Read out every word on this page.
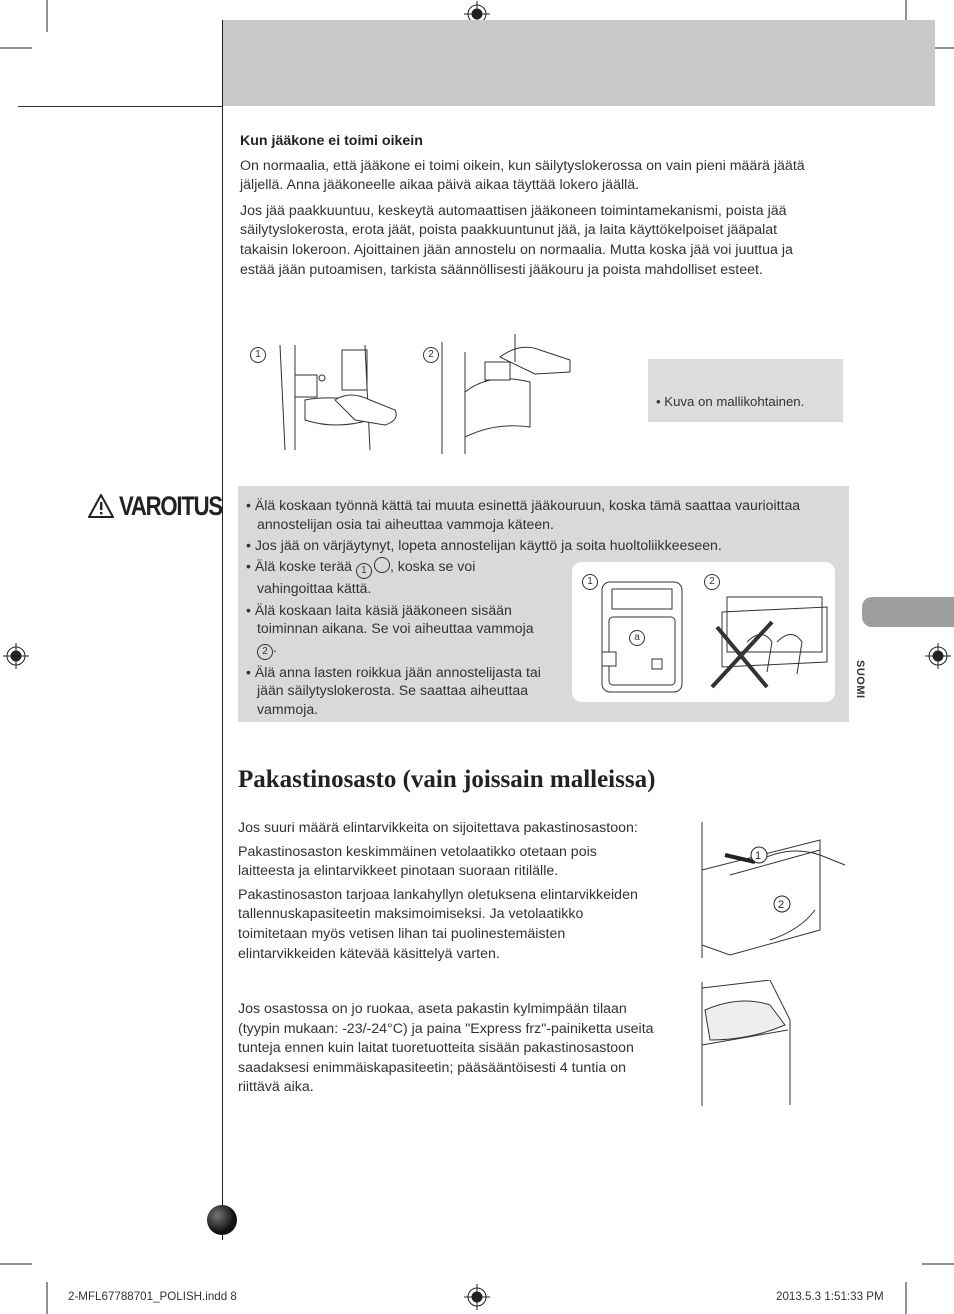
Kun jääkone ei toimi oikein

On normaalia, että jääkone ei toimi oikein, kun säilytyslokerossa on vain pieni määrä jäätä

jäljellä. Anna jääkoneelle aikaa päivä aikaa täyttää lokero jäällä.

Jos jää paakkuuntuu, keskeytä automaattisen jääkoneen toimintamekanismi, poista jää

säilytyslokerosta, erota jäät, poista paakkuuntunut jää, ja laita käyttökelpoiset jääpalat

takaisin lokeroon. Ajoittainen jään annostelu on normaalia. Mutta koska jää voi juuttua ja

estää jään putoamisen, tarkista säännöllisesti jääkouru ja poista mahdolliset esteet.

1	2
• Kuva on mallikohtainen.
VAROITUS	• Älä koskaan työnnä kättä tai muuta esinettä jääkouruun, koska tämä saattaa vaurioittaa
annostelijan osia tai aiheuttaa vammoja käteen.
• Jos jää on värjäytynyt, lopeta annostelijan käyttö ja soita huoltoliikkeeseen.
• Älä koske terää 1 , koska se voi
vahingoittaa kättä.
• Älä koskaan laita käsiä jääkoneen sisään
toiminnan aikana. Se voi aiheuttaa vammoja
2 .
• Älä anna lasten roikkua jään annostelijasta tai
jään säilytyslokerosta. Se saattaa aiheuttaa
vammoja.
1	2
a
SUOMI
Pakastinosasto (vain joissain malleissa)

Jos suuri määrä elintarvikkeita on sijoitettava pakastinosastoon:

Pakastinosaston keskimmäinen vetolaatikko otetaan pois

laitteesta ja elintarvikkeet pinotaan suoraan ritilälle.

Pakastinosaston tarjoaa lankahyllyn oletuksena elintarvikkeiden

tallennuskapasiteetin maksimoimiseksi. Ja vetolaatikko

toimitetaan myös vetisen lihan tai puolinestemäisten

elintarvikkeiden kätevää käsittelyä varten.

Jos osastossa on jo ruokaa, aseta pakastin kylmimpään tilaan

(tyypin mukaan: -23/-24°C) ja paina "Express frz"-painiketta useita

tunteja ennen kuin laitat tuoretuotteita sisään pakastinosastoon

saadaksesi enimmäiskapasiteetin; pääsääntöisesti 4 tuntia on

riittävä aika.

1
2
2-MFL67788701_POLISH.indd 8	2013.5.3 1:51:33 PM
